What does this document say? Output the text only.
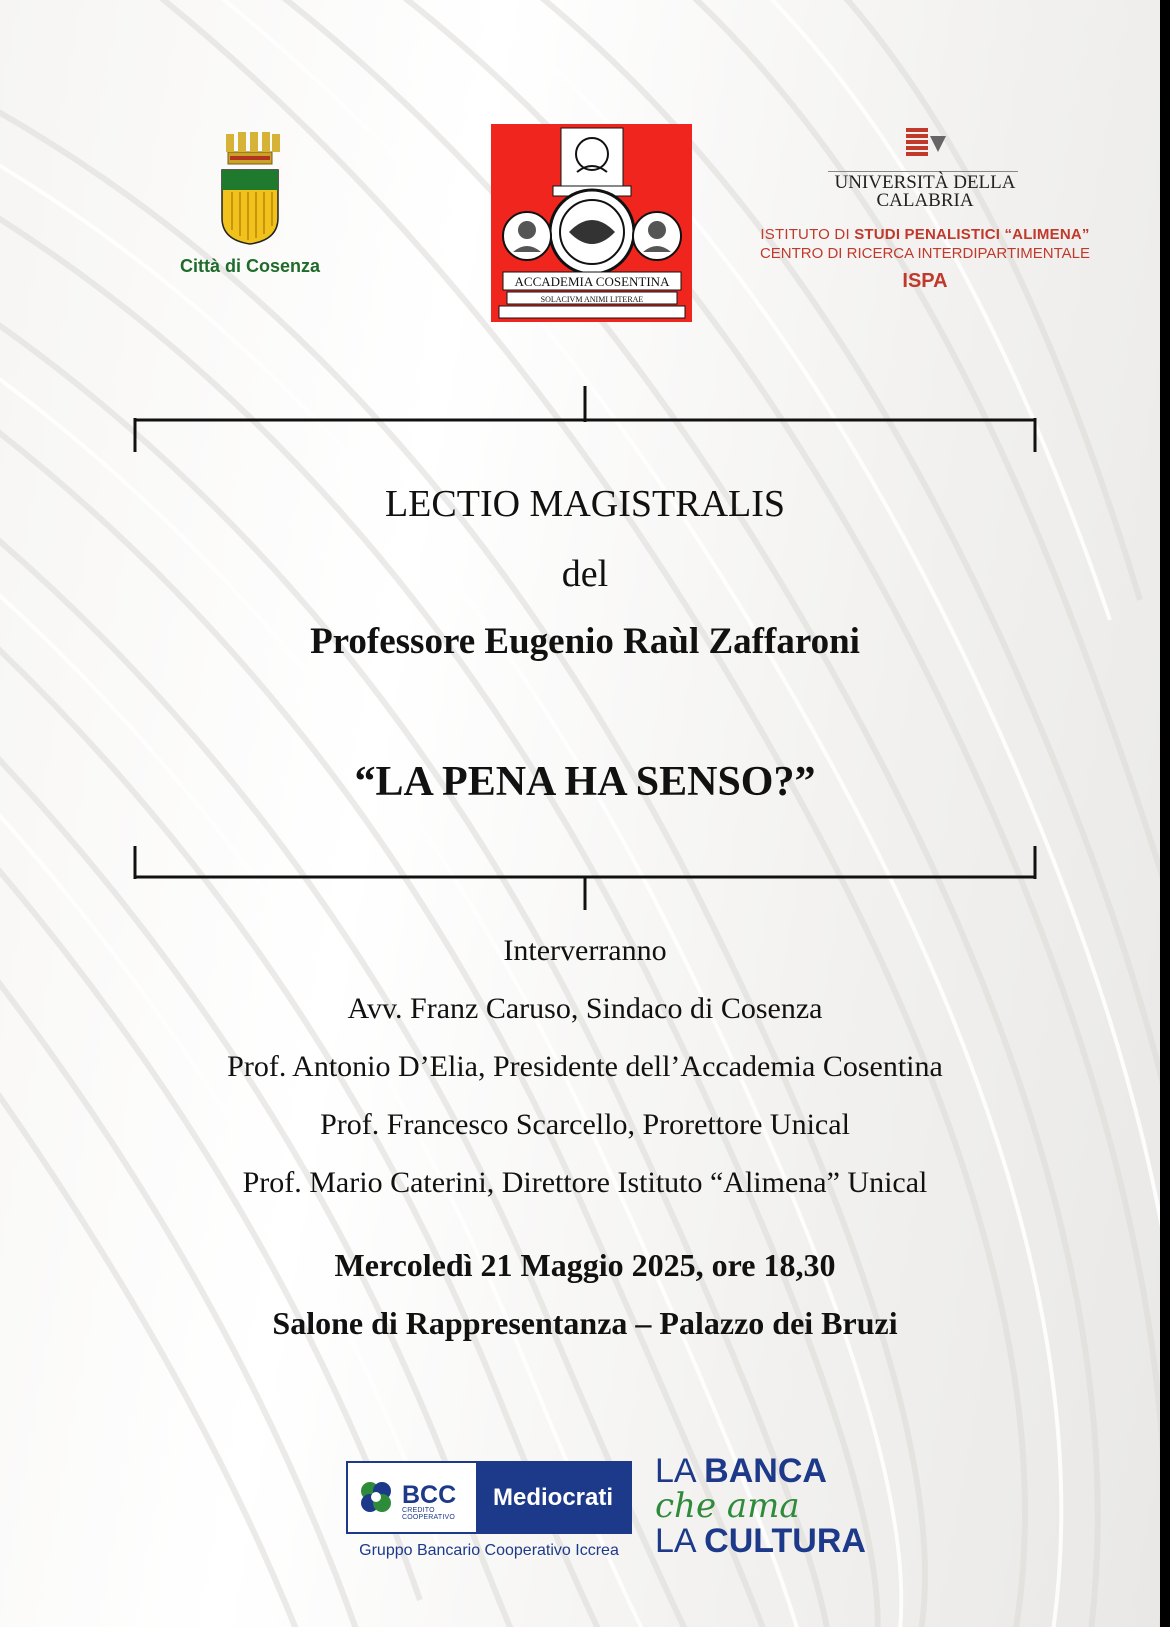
Città di Cosenza
ACCADEMIA COSENTINA
SOLACIVM ANIMI LITERAE
UNIVERSITÀ DELLA
CALABRIA
ISTITUTO DI STUDI PENALISTICI “ALIMENA”
CENTRO DI RICERCA INTERDIPARTIMENTALE
ISPA
LECTIO MAGISTRALIS
del
Professore Eugenio Raùl Zaffaroni
“LA PENA HA SENSO?”
Interverranno
Avv. Franz Caruso, Sindaco di Cosenza
Prof. Antonio D’Elia, Presidente dell’Accademia Cosentina
Prof. Francesco Scarcello, Prorettore Unical
Prof. Mario Caterini, Direttore Istituto “Alimena” Unical
Mercoledì 21 Maggio 2025, ore 18,30
Salone di Rappresentanza – Palazzo dei Bruzi
BCC
CREDITO COOPERATIVO
Mediocrati
Gruppo Bancario Cooperativo Iccrea
LA BANCA
che ama
LA CULTURA
